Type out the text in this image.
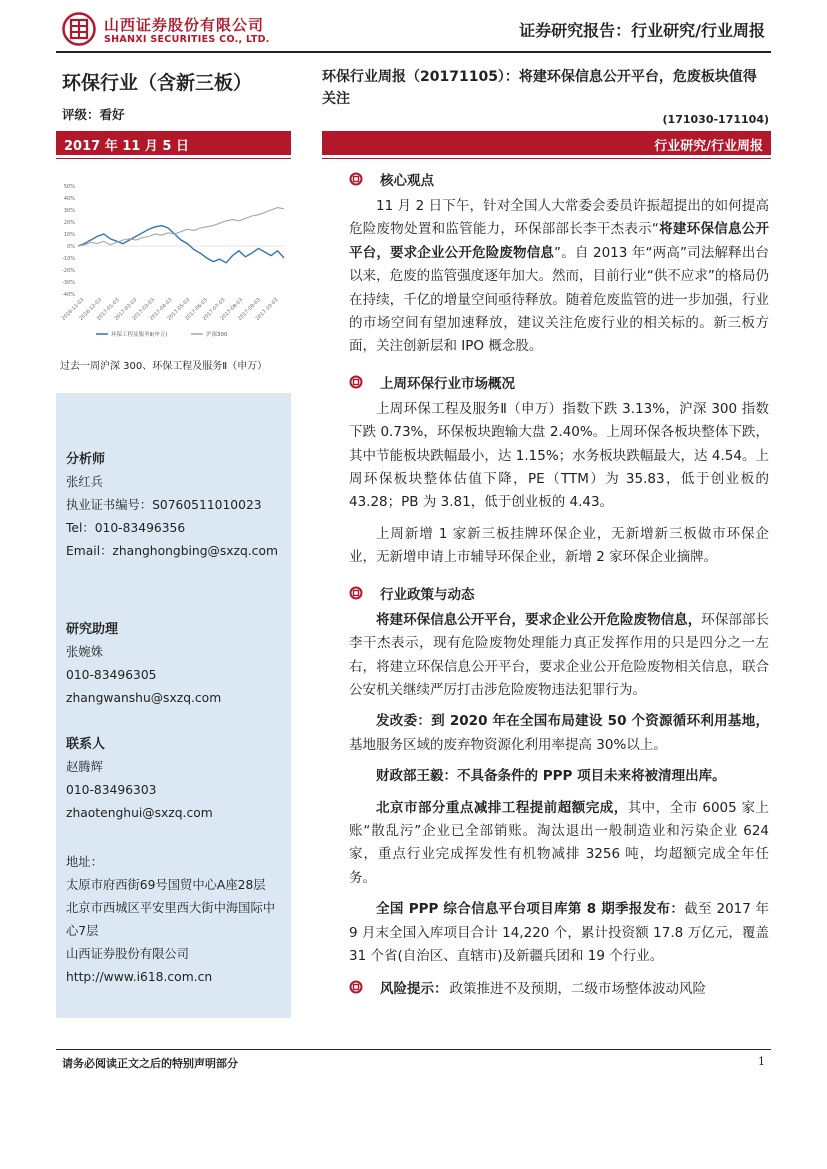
山西证券股份有限公司
SHANXI SECURITIES CO., LTD.	证券研究报告：行业研究/行业周报
环保行业（含新三板）
评级：看好
环保行业周报（20171105）：将建环保信息公开平台，危废板块值得关注
(171030-171104)
2017 年 11 月 5 日	行业研究/行业周报
50%
40%
30%
20%
10%
0%
-10%
-20%
-30%
-40%
2016-11-03
2016-12-03
2017-01-03
2017-02-03
2017-03-03
2017-04-03
2017-05-03
2017-06-03
2017-07-03
2017-08-03
2017-09-03
2017-10-03
环保工程及服务Ⅱ(申万)	沪深300
过去一周沪深 300、环保工程及服务Ⅱ（申万）
分析师
张红兵
执业证书编号：S0760511010023
Tel：010-83496356
Email：zhanghongbing@sxzq.com
研究助理
张婉姝
010-83496305
zhangwanshu@sxzq.com
联系人
赵腾辉
010-83496303
zhaotenghui@sxzq.com
地址：
太原市府西街69号国贸中心A座28层
北京市西城区平安里西大街中海国际中心7层
山西证券股份有限公司
http://www.i618.com.cn
核心观点
11 月 2 日下午，针对全国人大常委会委员许振超提出的如何提高危险废物处置和监管能力，环保部部长李干杰表示“将建环保信息公开平台，要求企业公开危险废物信息”。自 2013 年“两高”司法解释出台以来，危废的监管强度逐年加大。然而，目前行业“供不应求”的格局仍在持续，千亿的增量空间亟待释放。随着危废监管的进一步加强，行业的市场空间有望加速释放，建议关注危废行业的相关标的。新三板方面，关注创新层和 IPO 概念股。
上周环保行业市场概况
上周环保工程及服务Ⅱ（申万）指数下跌 3.13%，沪深 300 指数下跌 0.73%，环保板块跑输大盘 2.40%。上周环保各板块整体下跌，其中节能板块跌幅最小，达 1.15%；水务板块跌幅最大，达 4.54。上周环保板块整体估值下降，PE（TTM）为 35.83，低于创业板的 43.28；PB 为 3.81，低于创业板的 4.43。
上周新增 1 家新三板挂牌环保企业，无新增新三板做市环保企业，无新增申请上市辅导环保企业，新增 2 家环保企业摘牌。
行业政策与动态
将建环保信息公开平台，要求企业公开危险废物信息，环保部部长李干杰表示，现有危险废物处理能力真正发挥作用的只是四分之一左右，将建立环保信息公开平台，要求企业公开危险废物相关信息，联合公安机关继续严厉打击涉危险废物违法犯罪行为。
发改委：到 2020 年在全国布局建设 50 个资源循环利用基地，基地服务区域的废弃物资源化利用率提高 30%以上。
财政部王毅：不具备条件的 PPP 项目未来将被清理出库。
北京市部分重点减排工程提前超额完成，其中，全市 6005 家上账“散乱污”企业已全部销账。淘汰退出一般制造业和污染企业 624 家，重点行业完成挥发性有机物减排 3256 吨，均超额完成全年任务。
全国 PPP 综合信息平台项目库第 8 期季报发布：截至 2017 年 9 月末全国入库项目合计 14,220 个，累计投资额 17.8 万亿元，覆盖 31 个省(自治区、直辖市)及新疆兵团和 19 个行业。
风险提示： 政策推进不及预期，二级市场整体波动风险
请务必阅读正文之后的特别声明部分	1
